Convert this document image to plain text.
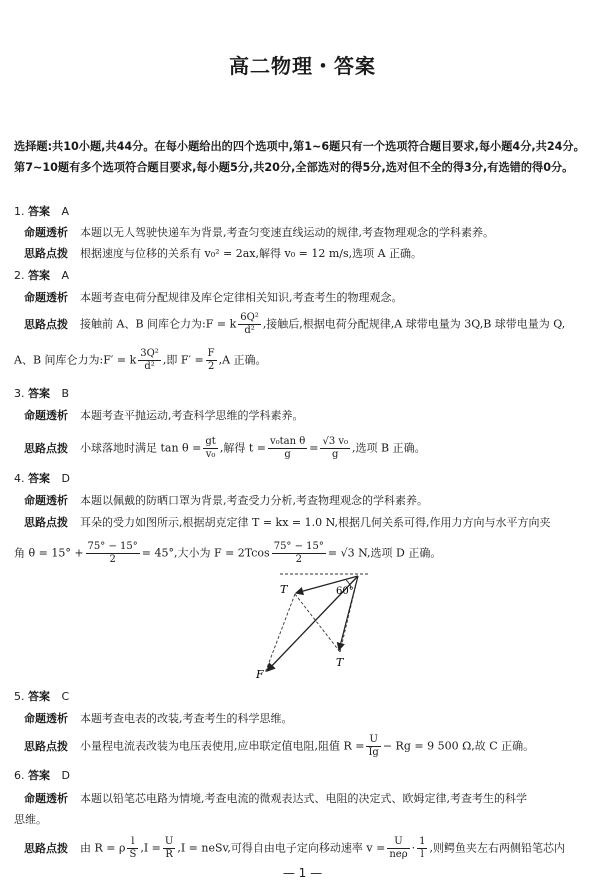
高二物理・答案
选择题:共10小题,共44分。在每小题给出的四个选项中,第1~6题只有一个选项符合题目要求,每小题4分,共24分。第7~10题有多个选项符合题目要求,每小题5分,共20分,全部选对的得5分,选对但不全的得3分,有选错的得0分。
1. 答案 A
命题透析 本题以无人驾驶快递车为背景,考查匀变速直线运动的规律,考查物理观念的学科素养。
思路点拨 根据速度与位移的关系有 v₀² = 2ax,解得 v₀ = 12 m/s,选项 A 正确。
2. 答案 A
命题透析 本题考查电荷分配规律及库仑定律相关知识,考查考生的物理观念。
思路点拨 接触前 A、B 间库仑力为:F = k $\frac{\text{6Q²}}{\text{d²}}$ ,接触后,根据电荷分配规律,A 球带电量为 3Q,B 球带电量为 Q,
A、B 间库仑力为:F′ = k $\frac{\text{3Q²}}{\text{d²}}$ ,即 $F' = \frac{F}{2} ,A$ 正确。
3. 答案 B
命题透析 本题考查平抛运动,考查科学思维的学科素养。
思路点拨 小球落地时满足 $\tan \theta = \frac{gt}{\text{v₀}}$ ,解得 $t = \frac{\text{v₀tan θ}}{g} = \frac{\text{√3 v₀}}{g}$ ,选项 B 正确。
4. 答案 D
命题透析 本题以佩戴的防晒口罩为背景,考查受力分析,考查物理观念的学科素养。
思路点拨 耳朵的受力如图所示,根据胡克定律 T = kx = 1.0 N,根据几何关系可得,作用力方向与水平方向夹
角 $\theta = 15^\circ + \frac{75^\circ - 15^\circ}{2} = 45^\circ$,大小为 $F = 2Tcos \frac{75^\circ - 15^\circ}{2} = √3$ N,选项 D 正确。
T
T
F
60°
5. 答案 C
命题透析 本题考查电表的改装,考查考生的科学思维。
思路点拨 小量程电流表改装为电压表使用,应串联定值电阻,阻值 $R = \frac{U}{Ig} - Rg = 9$ 500 Ω,故 C 正确。
6. 答案 D
命题透析 本题以铅笔芯电路为情境,考查电流的微观表达式、电阻的决定式、欧姆定律,考查考生的科学
思维。
思路点拨 由 R = ρ $\frac{l}{S} ,I = \frac{U}{R} ,I$ = neSv,可得自由电子定向移动速率 $v = \frac{U}{\text{neρ}} \cdot \frac{1}{l}$ ,则鳄鱼夹左右两侧铅笔芯内
— 1 —
